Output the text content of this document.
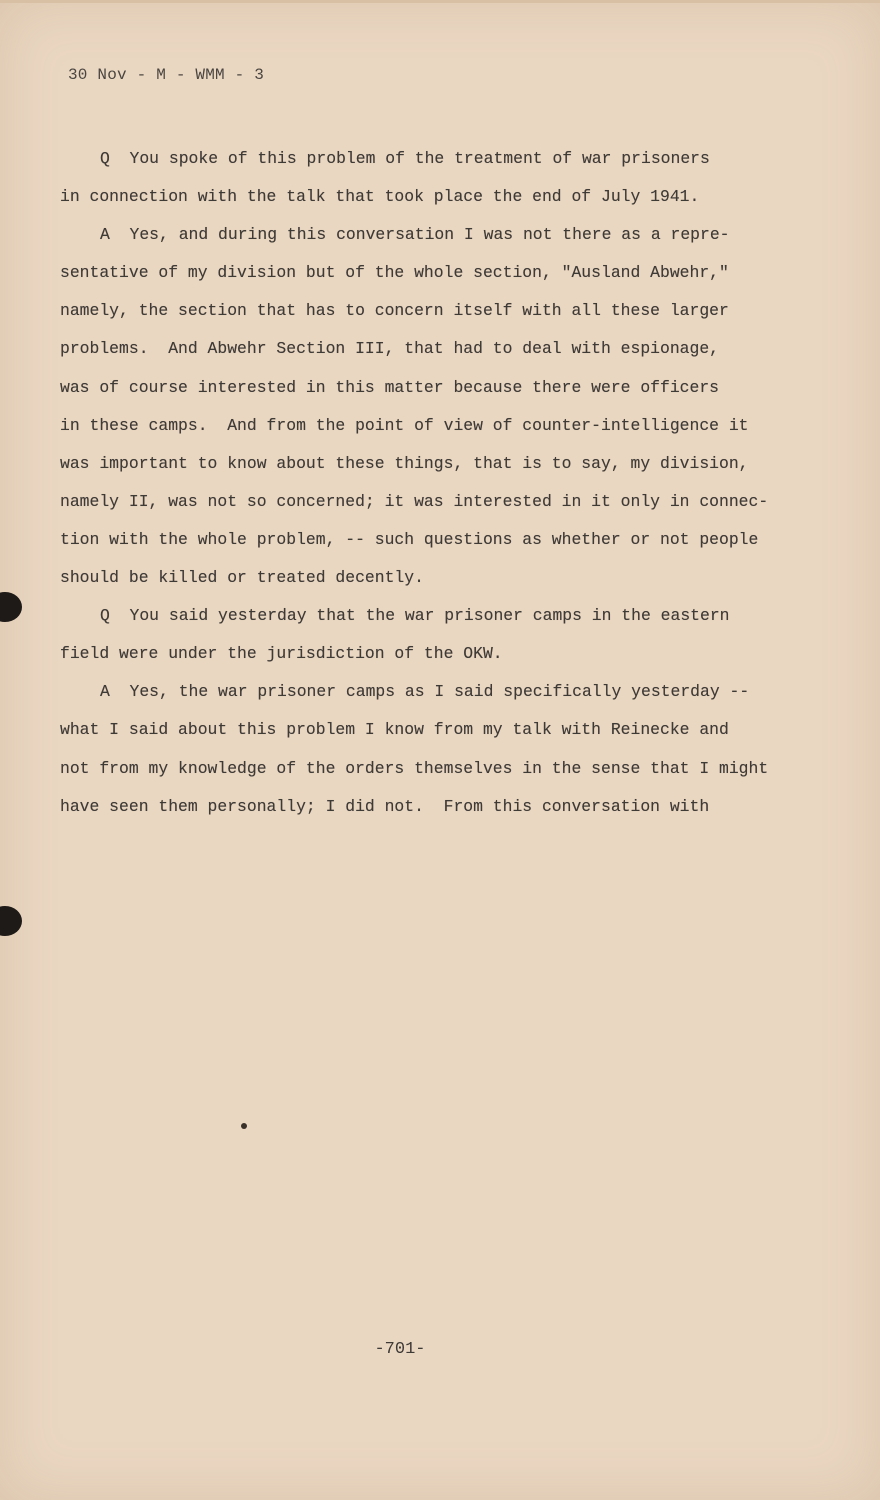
30 Nov - M - WMM - 3
Q  You spoke of this problem of the treatment of war prisoners
in connection with the talk that took place the end of July 1941.
A  Yes, and during this conversation I was not there as a repre-
sentative of my division but of the whole section, "Ausland Abwehr,"
namely, the section that has to concern itself with all these larger
problems.  And Abwehr Section III, that had to deal with espionage,
was of course interested in this matter because there were officers
in these camps.  And from the point of view of counter-intelligence it
was important to know about these things, that is to say, my division,
namely II, was not so concerned; it was interested in it only in connec-
tion with the whole problem, -- such questions as whether or not people
should be killed or treated decently.
Q  You said yesterday that the war prisoner camps in the eastern
field were under the jurisdiction of the OKW.
A  Yes, the war prisoner camps as I said specifically yesterday --
what I said about this problem I know from my talk with Reinecke and
not from my knowledge of the orders themselves in the sense that I might
have seen them personally; I did not.  From this conversation with
-701-
